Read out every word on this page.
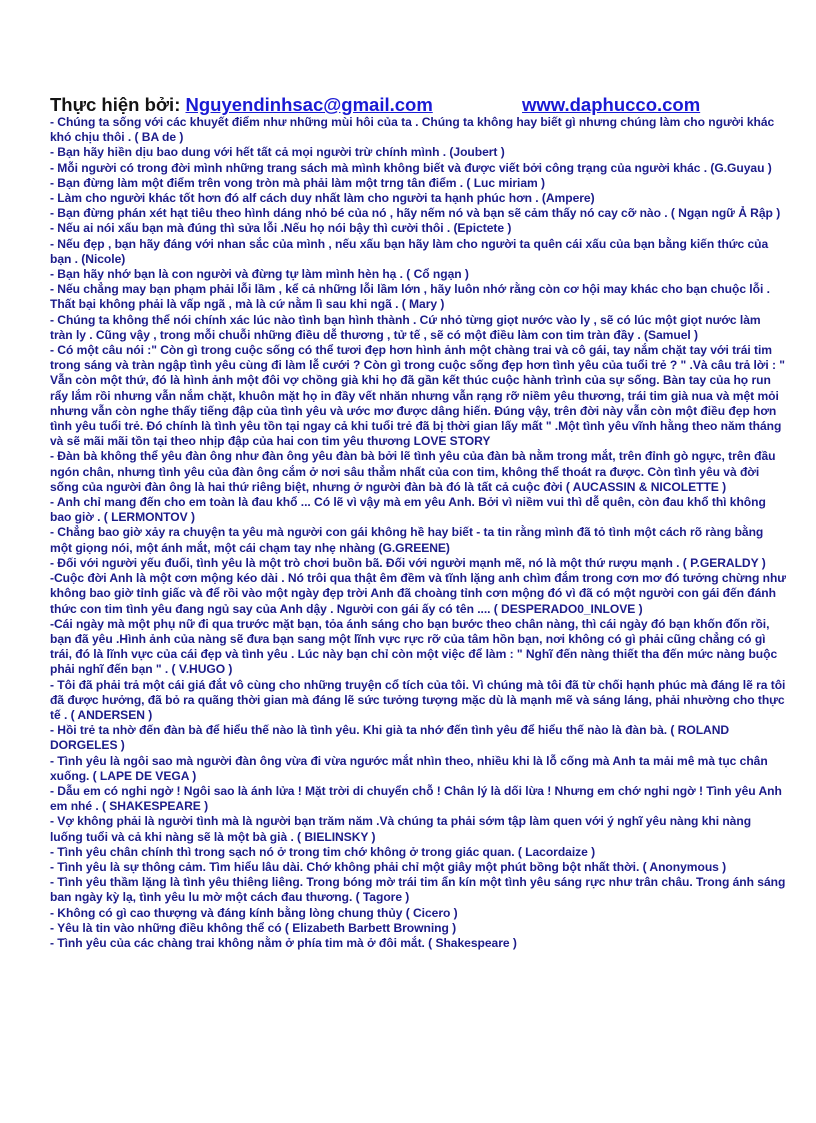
Thực hiện bởi: Nguyendinhsac@gmail.com	www.daphucco.com

- Chúng ta sống với các khuyết điểm như những mùi hôi của ta . Chúng ta không hay biết gì nhưng chúng làm cho người khác khó chịu thôi . ( BA de )

- Bạn hãy hiền dịu bao dung với hết tất cả mọi người trừ chính mình . (Joubert )

- Mỗi người có trong đời mình những trang sách mà mình không biết và được viết bởi công trạng của người khác . (G.Guyau )

- Bạn đừng làm một điểm trên vong tròn mà phải làm một trng tân điểm . ( Luc miriam )

- Làm cho người khác tốt hơn đó alf cách duy nhất làm cho người ta hạnh phúc hơn . (Ampere)

- Bạn đừng phán xét hạt tiêu theo hình dáng nhỏ bé của nó , hãy nếm nó và bạn sẽ cảm thấy nó cay cỡ nào . ( Ngạn ngữ Ả Rập )

- Nếu ai nói xấu bạn mà đúng thì sửa lỗi .Nếu họ nói bậy thì cười thôi . (Epictete )

- Nếu đẹp , bạn hãy đáng với nhan sắc của mình , nếu xấu bạn hãy làm cho người ta quên cái xấu của bạn bằng kiến thức của bạn . (Nicole)

- Bạn hãy nhớ bạn là con người và đừng tự làm mình hèn hạ . ( Cổ ngạn )

- Nếu chẳng may bạn phạm phải lỗi lầm , kể cả những lỗi lầm lớn , hãy luôn nhớ rằng còn cơ hội may khác cho bạn chuộc lỗi . Thất bại không phải là vấp ngã , mà là cứ nằm lì sau khi ngã . ( Mary )

- Chúng ta không thể nói chính xác lúc nào tình bạn hình thành . Cứ nhỏ từng giọt nước vào ly , sẽ có lúc một giọt nước làm tràn ly . Cũng vậy , trong mỗi chuỗi những điều dễ thương , tử tế , sẽ có một điều làm con tim tràn đầy . (Samuel )

- Có một câu nói :" Còn gì trong cuộc sống có thể tươi đẹp hơn hình ảnh một chàng trai và cô gái, tay nắm chặt tay với trái tim trong sáng và tràn ngập tình yêu cùng đi làm lễ cưới ? Còn gì trong cuộc sống đẹp hơn tình yêu của tuổi trẻ ? " .Và câu trả lời : " Vẫn còn một thứ, đó là hình ảnh một đôi vợ chồng già khi họ đã gần kết thúc cuộc hành trình của sự sống. Bàn tay của họ run rẩy lắm rồi nhưng vẫn nắm chặt, khuôn mặt họ in đầy vết nhăn nhưng vẫn rạng rỡ niềm yêu thương, trái tim già nua và mệt mỏi nhưng vẫn còn nghe thấy tiếng đập của tình yêu và ước mơ được dâng hiến. Đúng vậy, trên đời này vẫn còn một điều đẹp hơn tình yêu tuổi trẻ. Đó chính là tình yêu tồn tại ngay cả khi tuổi trẻ đã bị thời gian lấy mất " .Một tình yêu vĩnh hằng theo năm tháng và sẽ mãi mãi tồn tại theo nhịp đập của hai con tim yêu thương LOVE STORY

- Đàn bà không thể yêu đàn ông như đàn ông yêu đàn bà bởi lẽ tình yêu của đàn bà nằm trong mắt, trên đỉnh gò ngực, trên đầu ngón chân, nhưng tình yêu của đàn ông cắm ở nơi sâu thẳm nhất của con tim, không thể thoát ra được. Còn tình yêu và đời sống của người đàn ông là hai thứ riêng biệt, nhưng ở người đàn bà đó là tất cả cuộc đời ( AUCASSIN & NICOLETTE )

- Anh chỉ mang đến cho em toàn là đau khổ ... Có lẽ vì vậy mà em yêu Anh. Bởi vì niềm vui thì dễ quên, còn đau khổ thì không bao giờ . ( LERMONTOV )

- Chẳng bao giờ xảy ra chuyện ta yêu mà người con gái không hề hay biết - ta tin rằng mình đã tỏ tình một cách rõ ràng bằng một giọng nói, một ánh mắt, một cái chạm tay nhẹ nhàng (G.GREENE)

- Đối với người yếu đuối, tình yêu là một trò chơi buồn bã. Đối với người mạnh mẽ, nó là một thứ rượu mạnh . ( P.GERALDY )

-Cuộc đời Anh là một cơn mộng kéo dài . Nó trôi qua thật êm đềm và tĩnh lặng anh chìm đắm trong cơn mơ đó tưởng chừng như không bao giờ tỉnh giấc và để rồi vào một ngày đẹp trời Anh đã choàng tỉnh cơn mộng đó vì đã có một người con gái đến đánh thức con tim tình yêu đang ngủ say của Anh dậy . Người con gái ấy có tên .... ( DESPERADO0_INLOVE )

-Cái ngày mà một phụ nữ đi qua trước mặt bạn, tỏa ánh sáng cho bạn bước theo chân nàng, thì cái ngày đó bạn khốn đốn rồi, bạn đã yêu .Hình ảnh của nàng sẽ đưa bạn sang một lĩnh vực rực rỡ của tâm hồn bạn, nơi không có gì phải cũng chẳng có gì trái, đó là lĩnh vực của cái đẹp và tình yêu . Lúc này bạn chỉ còn một việc để làm : " Nghĩ đến nàng thiết tha đến mức nàng buộc phải nghĩ đến bạn " . ( V.HUGO )

- Tôi đã phải trả một cái giá đắt vô cùng cho những truyện cổ tích của tôi. Vì chúng mà tôi đã từ chối hạnh phúc mà đáng lẽ ra tôi đã được hưởng, đã bỏ ra quãng thời gian mà đáng lẽ sức tưởng tượng mặc dù là mạnh mẽ và sáng láng, phải nhường cho thực tế . ( ANDERSEN )

- Hồi trẻ ta nhờ đến đàn bà để hiểu thế nào là tình yêu. Khi già ta nhớ đến tình yêu để hiểu thế nào là đàn bà. ( ROLAND DORGELES )

- Tình yêu là ngôi sao mà người đàn ông vừa đi vừa ngước mắt nhìn theo, nhiều khi là lỗ cống mà Anh ta mải mê mà tục chân xuống. ( LAPE DE VEGA )

- Dẫu em có nghi ngờ ! Ngôi sao là ánh lửa ! Mặt trời di chuyển chỗ ! Chân lý là dối lừa ! Nhưng em chớ nghi ngờ ! Tình yêu Anh em nhé . ( SHAKESPEARE )

- Vợ không phải là người tình mà là người bạn trăm năm .Và chúng ta phải sớm tập làm quen với ý nghĩ yêu nàng khi nàng luống tuổi và cả khi nàng sẽ là một bà già . ( BIELINSKY )

- Tình yêu chân chính thì trong sạch nó ở trong tim chớ không ở trong giác quan. ( Lacordaize )

- Tình yêu là sự thông cảm. Tìm hiểu lâu dài. Chớ không phải chỉ một giây một phút bồng bột nhất thời. ( Anonymous )

- Tình yêu thầm lặng là tình yêu thiêng liêng. Trong bóng mờ trái tim ẩn kín một tình yêu sáng rực như trân châu. Trong ánh sáng ban ngày kỳ lạ, tình yêu lu mờ một cách đau thương. ( Tagore )

- Không có gì cao thượng và đáng kính bằng lòng chung thủy ( Cicero )

- Yêu là tin vào những điều không thể có ( Elizabeth Barbett Browning )

- Tình yêu của các chàng trai không nằm ở phía tim mà ở đôi mắt. ( Shakespeare )
